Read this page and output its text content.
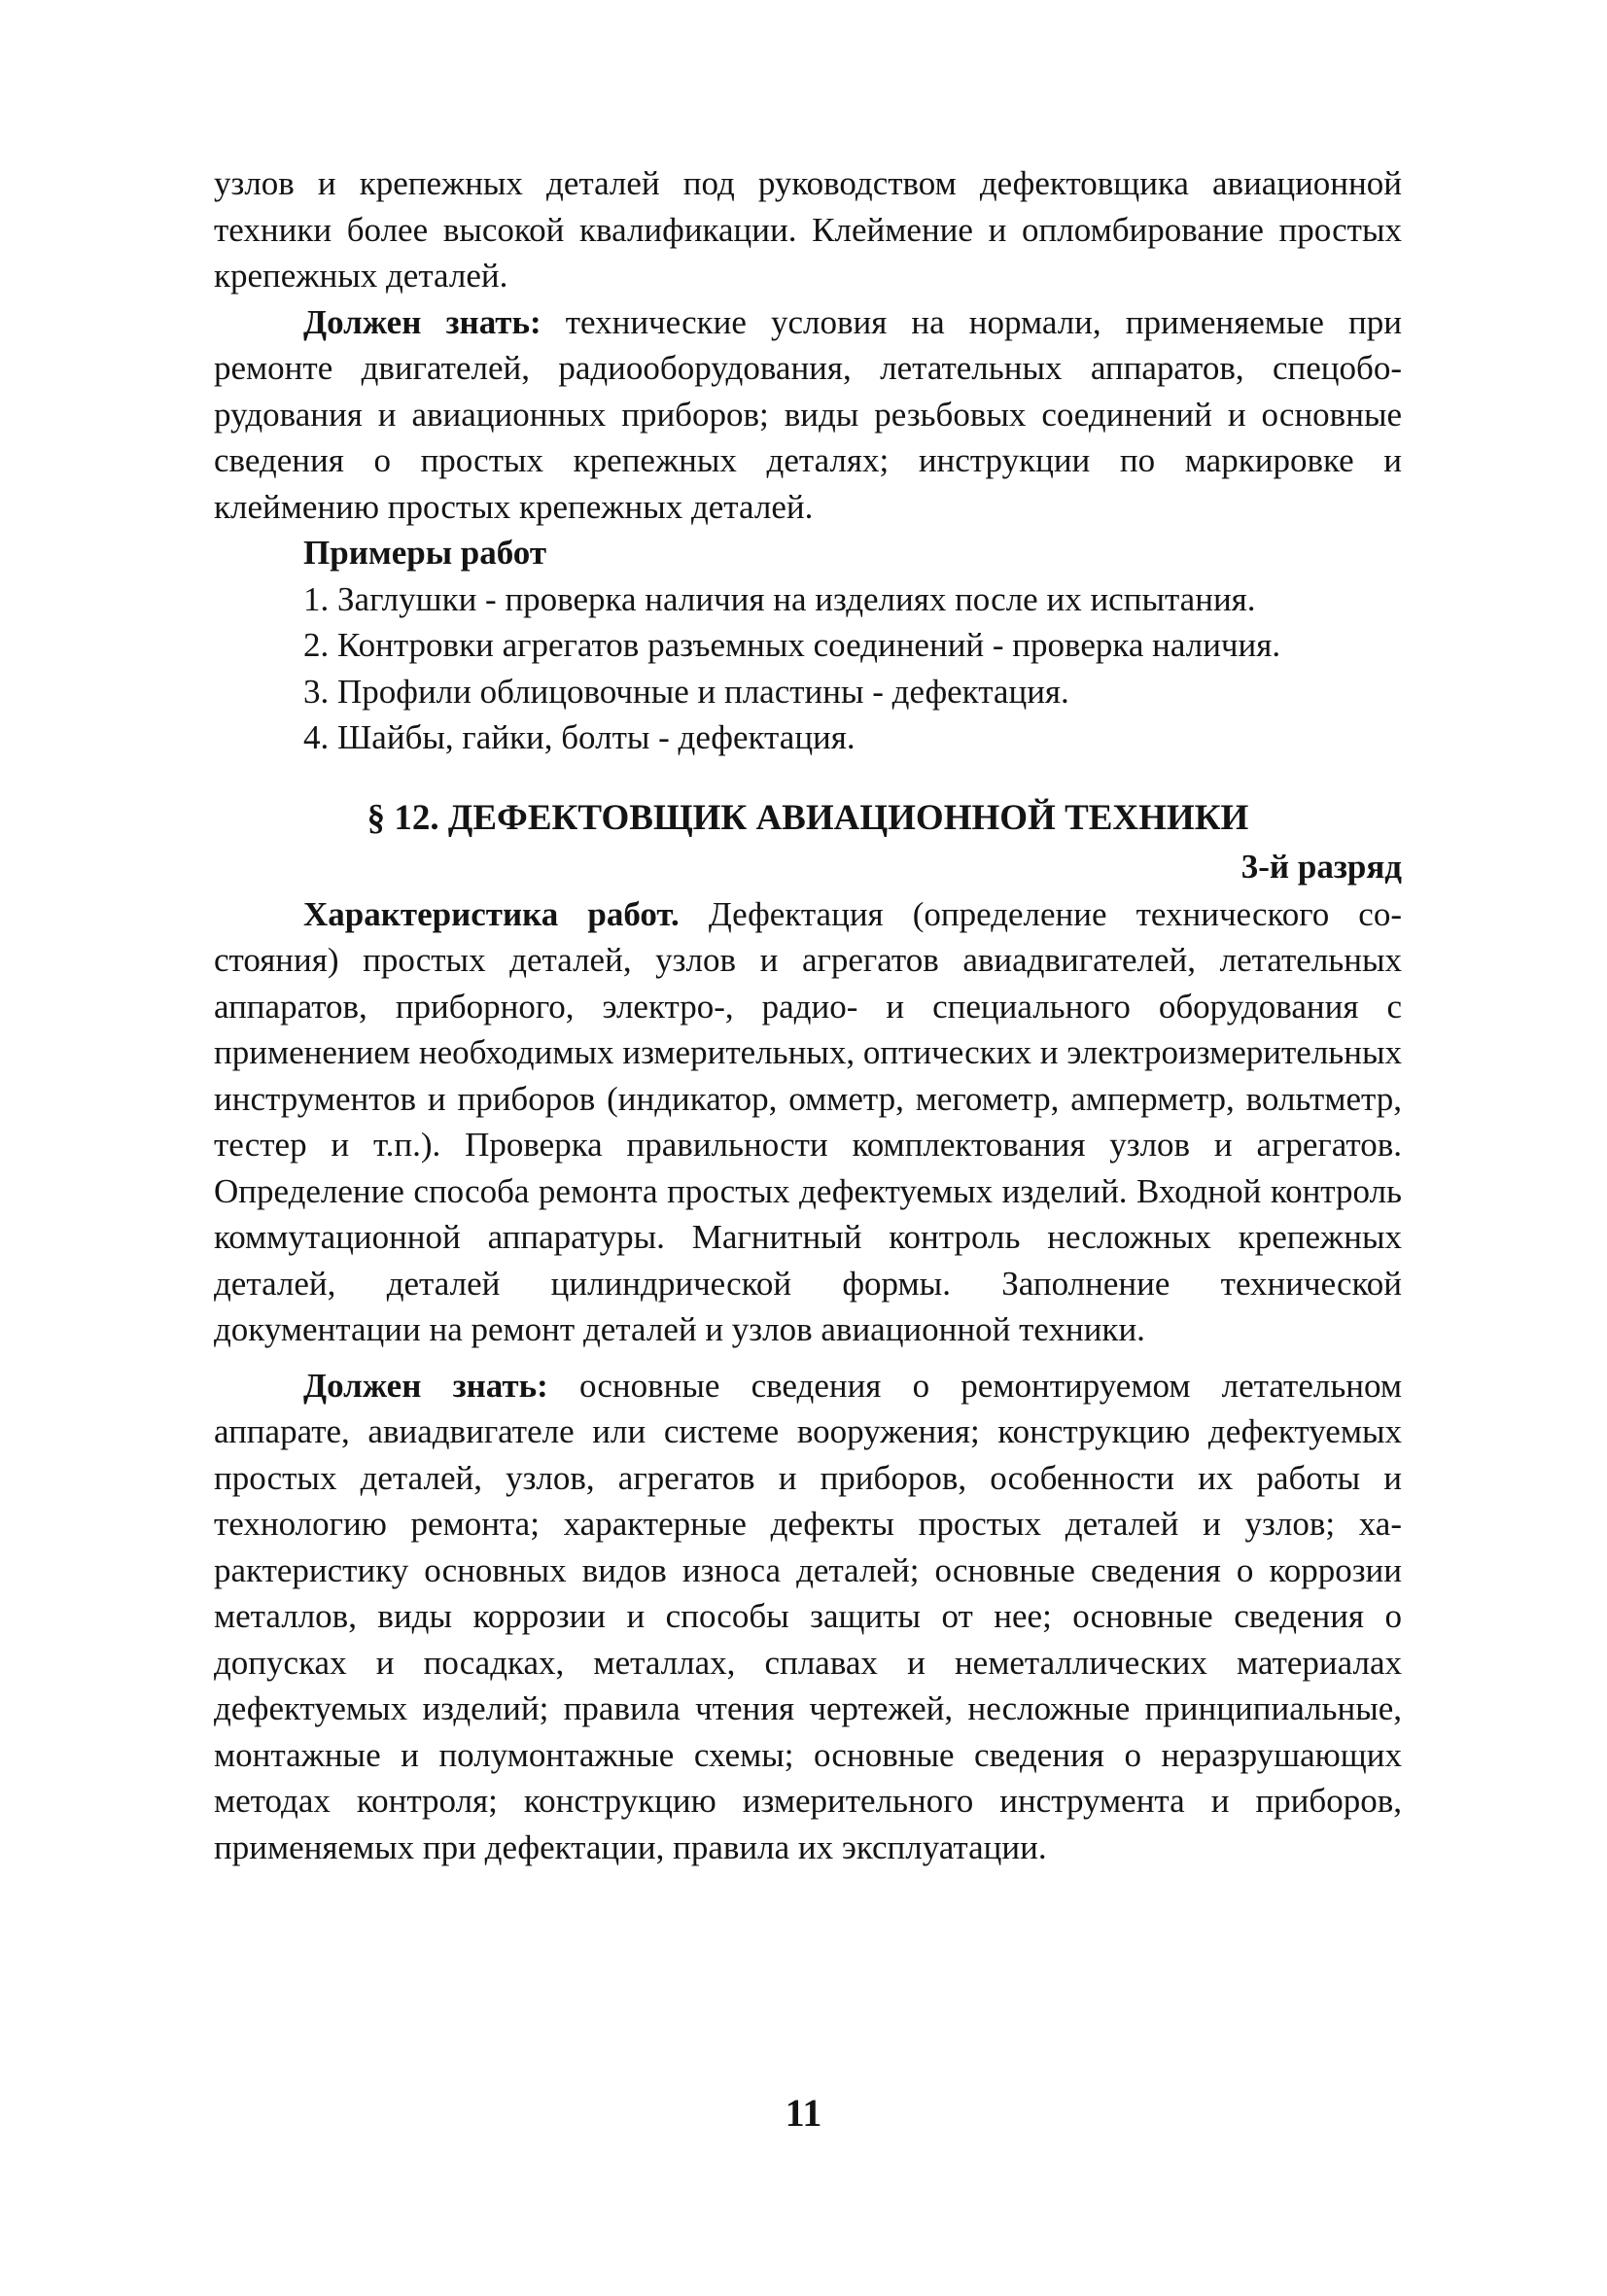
узлов и крепежных деталей под руководством дефектовщика авиационной техники более высокой квалификации. Клеймение и опломбирование простых крепежных деталей.

Должен знать: технические условия на нормали, применяемые при ремонте двигателей, радиооборудования, летательных аппаратов, спецоборудования и авиационных приборов; виды резьбовых соединений и основные сведения о простых крепежных деталях; инструкции по маркировке и клеймению простых крепежных деталей.

Примеры работ
1. Заглушки - проверка наличия на изделиях после их испытания.
2. Контровки агрегатов разъемных соединений - проверка наличия.
3. Профили облицовочные и пластины - дефектация.
4. Шайбы, гайки, болты - дефектация.
§ 12. ДЕФЕКТОВЩИК АВИАЦИОННОЙ ТЕХНИКИ
3-й разряд

Характеристика работ. Дефектация (определение технического состояния) простых деталей, узлов и агрегатов авиадвигателей, летательных аппаратов, приборного, электро-, радио- и специального оборудования с применением необходимых измерительных, оптических и электроизмерительных инструментов и приборов (индикатор, омметр, мегометр, амперметр, вольтметр, тестер и т.п.). Проверка правильности комплектования узлов и агрегатов. Определение способа ремонта простых дефектуемых изделий. Входной контроль коммутационной аппаратуры. Магнитный контроль несложных крепежных деталей, деталей цилиндрической формы. Заполнение технической документации на ремонт деталей и узлов авиационной техники.

Должен знать: основные сведения о ремонтируемом летательном аппарате, авиадвигателе или системе вооружения; конструкцию дефектуемых простых деталей, узлов, агрегатов и приборов, особенности их работы и технологию ремонта; характерные дефекты простых деталей и узлов; характеристику основных видов износа деталей; основные сведения о коррозии металлов, виды коррозии и способы защиты от нее; основные сведения о допусках и посадках, металлах, сплавах и неметаллических материалах дефектуемых изделий; правила чтения чертежей, несложные принципиальные, монтажные и полумонтажные схемы; основные сведения о неразрушающих методах контроля; конструкцию измерительного инструмента и приборов, применяемых при дефектации, правила их эксплуатации.

11
